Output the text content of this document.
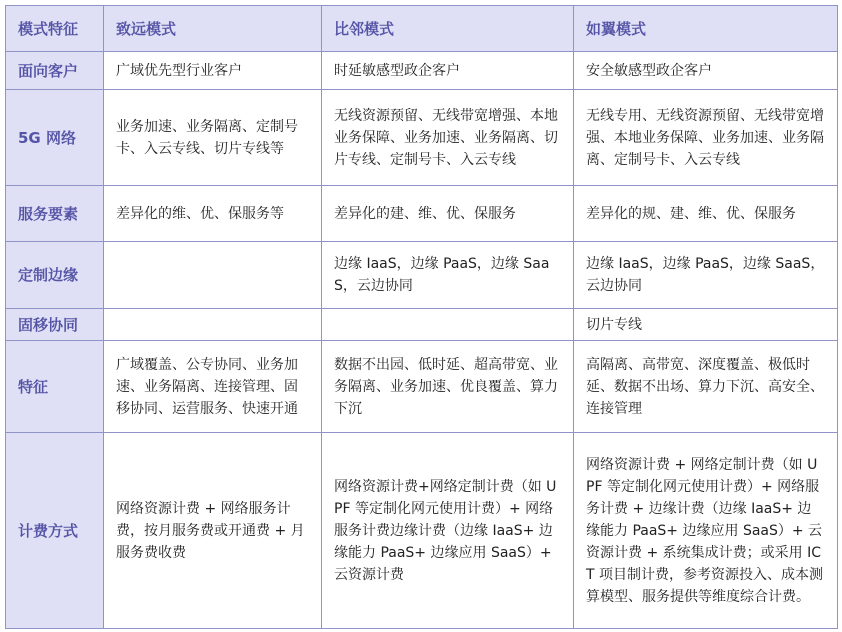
模式特征	致远模式	比邻模式	如翼模式
面向客户	广域优先型行业客户	时延敏感型政企客户	安全敏感型政企客户
5G 网络	业务加速、业务隔离、定制号卡、入云专线、切片专线等	无线资源预留、无线带宽增强、本地业务保障、业务加速、业务隔离、切片专线、定制号卡、入云专线	无线专用、无线资源预留、无线带宽增强、本地业务保障、业务加速、业务隔离、定制号卡、入云专线
服务要素	差异化的维、优、保服务等	差异化的建、维、优、保服务	差异化的规、建、维、优、保服务
定制边缘		边缘 IaaS，边缘 PaaS，边缘 SaaS，云边协同	边缘 IaaS，边缘 PaaS，边缘 SaaS，云边协同
固移协同			切片专线
特征	广域覆盖、公专协同、业务加速、业务隔离、连接管理、固移协同、运营服务、快速开通	数据不出园、低时延、超高带宽、业务隔离、业务加速、优良覆盖、算力下沉	高隔离、高带宽、深度覆盖、极低时延、数据不出场、算力下沉、高安全、连接管理
计费方式	网络资源计费 + 网络服务计费，按月服务费或开通费 + 月服务费收费	网络资源计费+网络定制计费（如 UPF 等定制化网元使用计费）+ 网络服务计费边缘计费（边缘 IaaS+ 边缘能力 PaaS+ 边缘应用 SaaS）+ 云资源计费	网络资源计费 + 网络定制计费（如 UPF 等定制化网元使用计费）+ 网络服务计费 + 边缘计费（边缘 IaaS+ 边缘能力 PaaS+ 边缘应用 SaaS）+ 云资源计费 + 系统集成计费；或采用 ICT 项目制计费，参考资源投入、成本测算模型、服务提供等维度综合计费。
